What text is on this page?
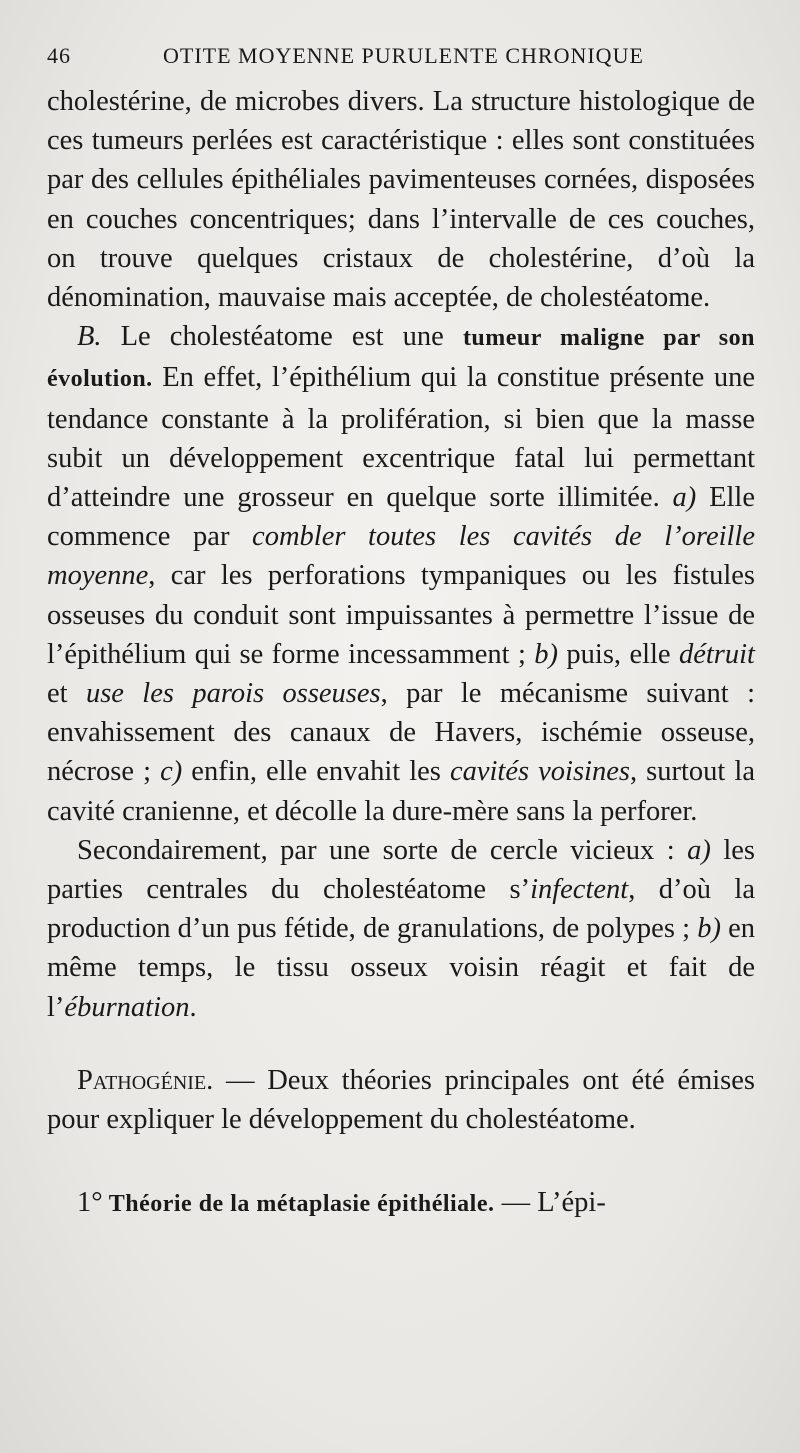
46	OTITE MOYENNE PURULENTE CHRONIQUE

cholestérine, de microbes divers. La structure histologique de ces tumeurs perlées est caractéristique : elles sont constituées par des cellules épithéliales pavimenteuses cornées, disposées en couches concentriques; dans l’intervalle de ces couches, on trouve quelques cristaux de cholestérine, d’où la dénomination, mauvaise mais acceptée, de cholestéatome.

B. Le cholestéatome est une tumeur maligne par son évolution. En effet, l’épithélium qui la constitue présente une tendance constante à la prolifération, si bien que la masse subit un développement excentrique fatal lui permettant d’atteindre une grosseur en quelque sorte illimitée. a) Elle commence par combler toutes les cavités de l’oreille moyenne, car les perforations tympaniques ou les fistules osseuses du conduit sont impuissantes à permettre l’issue de l’épithélium qui se forme incessamment ; b) puis, elle détruit et use les parois osseuses, par le mécanisme suivant : envahissement des canaux de Havers, ischémie osseuse, nécrose ; c) enfin, elle envahit les cavités voisines, surtout la cavité cranienne, et décolle la dure-mère sans la perforer.

Secondairement, par une sorte de cercle vicieux : a) les parties centrales du cholestéatome s’infectent, d’où la production d’un pus fétide, de granulations, de polypes ; b) en même temps, le tissu osseux voisin réagit et fait de l’éburnation.

Pathogénie. — Deux théories principales ont été émises pour expliquer le développement du cholestéatome.

1° Théorie de la métaplasie épithéliale. — L’épi-
